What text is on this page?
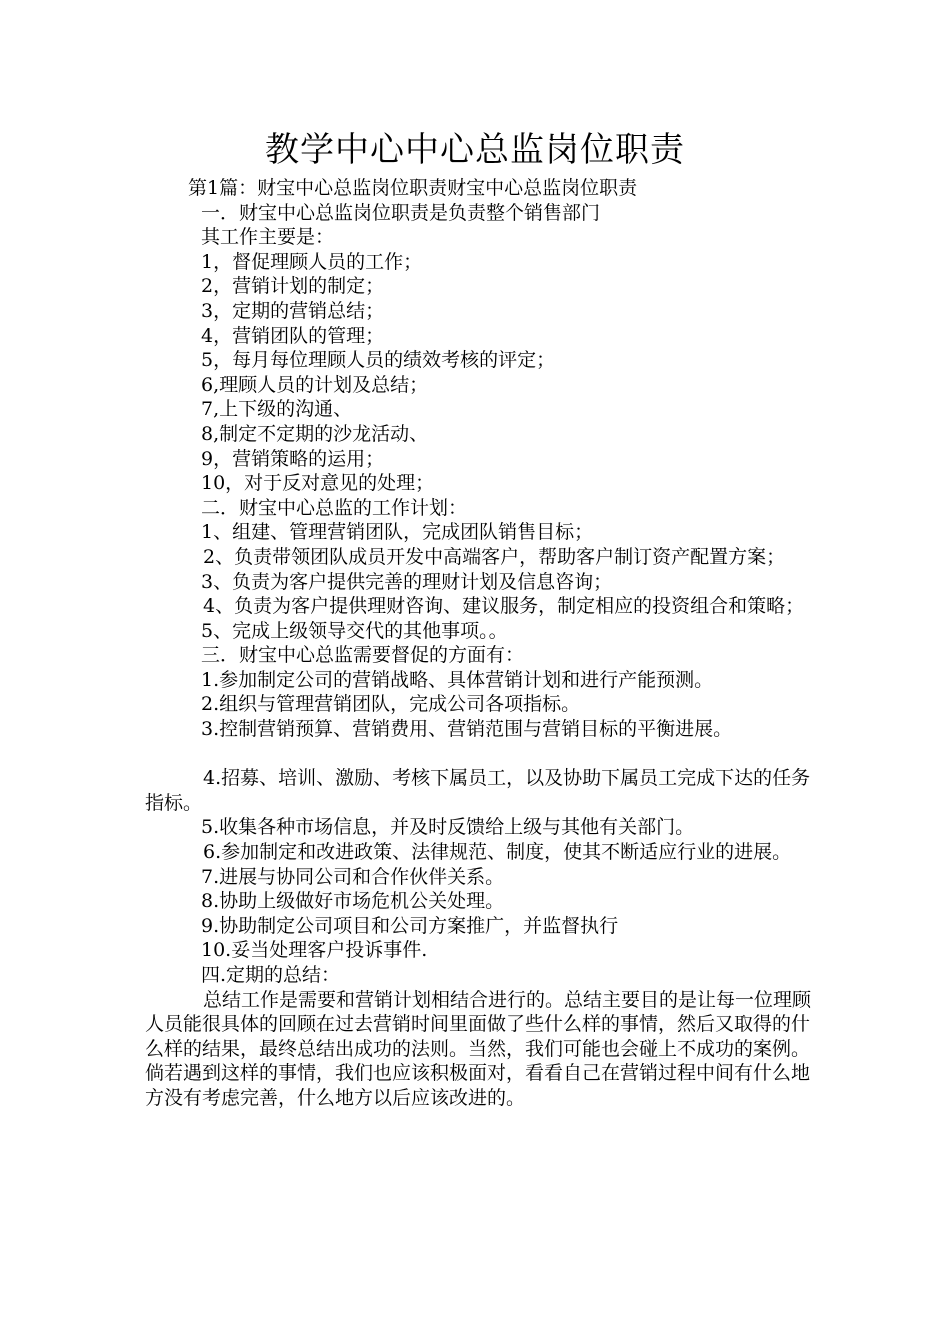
教学中心中心总监岗位职责
第1篇：财宝中心总监岗位职责财宝中心总监岗位职责
一．财宝中心总监岗位职责是负责整个销售部门
其工作主要是：
1，督促理顾人员的工作；
2，营销计划的制定；
3，定期的营销总结；
4，营销团队的管理；
5，每月每位理顾人员的绩效考核的评定；
6,理顾人员的计划及总结；
7,上下级的沟通、
8,制定不定期的沙龙活动、
9，营销策略的运用；
10，对于反对意见的处理；
二．财宝中心总监的工作计划：
1、组建、管理营销团队，完成团队销售目标；
2、负责带领团队成员开发中高端客户，帮助客户制订资产配置方案；
3、负责为客户提供完善的理财计划及信息咨询；
4、负责为客户提供理财咨询、建议服务，制定相应的投资组合和策略；
5、完成上级领导交代的其他事项。。
三．财宝中心总监需要督促的方面有：
1.参加制定公司的营销战略、具体营销计划和进行产能预测。
2.组织与管理营销团队，完成公司各项指标。
3.控制营销预算、营销费用、营销范围与营销目标的平衡进展。
4.招募、培训、激励、考核下属员工，以及协助下属员工完成下达的任务指标。
5.收集各种市场信息，并及时反馈给上级与其他有关部门。
6.参加制定和改进政策、法律规范、制度，使其不断适应行业的进展。
7.进展与协同公司和合作伙伴关系。
8.协助上级做好市场危机公关处理。
9.协助制定公司项目和公司方案推广，并监督执行
10.妥当处理客户投诉事件.
四.定期的总结：
总结工作是需要和营销计划相结合进行的。总结主要目的是让每一位理顾人员能很具体的回顾在过去营销时间里面做了些什么样的事情，然后又取得的什么样的结果，最终总结出成功的法则。当然，我们可能也会碰上不成功的案例。倘若遇到这样的事情，我们也应该积极面对，看看自己在营销过程中间有什么地方没有考虑完善，什么地方以后应该改进的。
